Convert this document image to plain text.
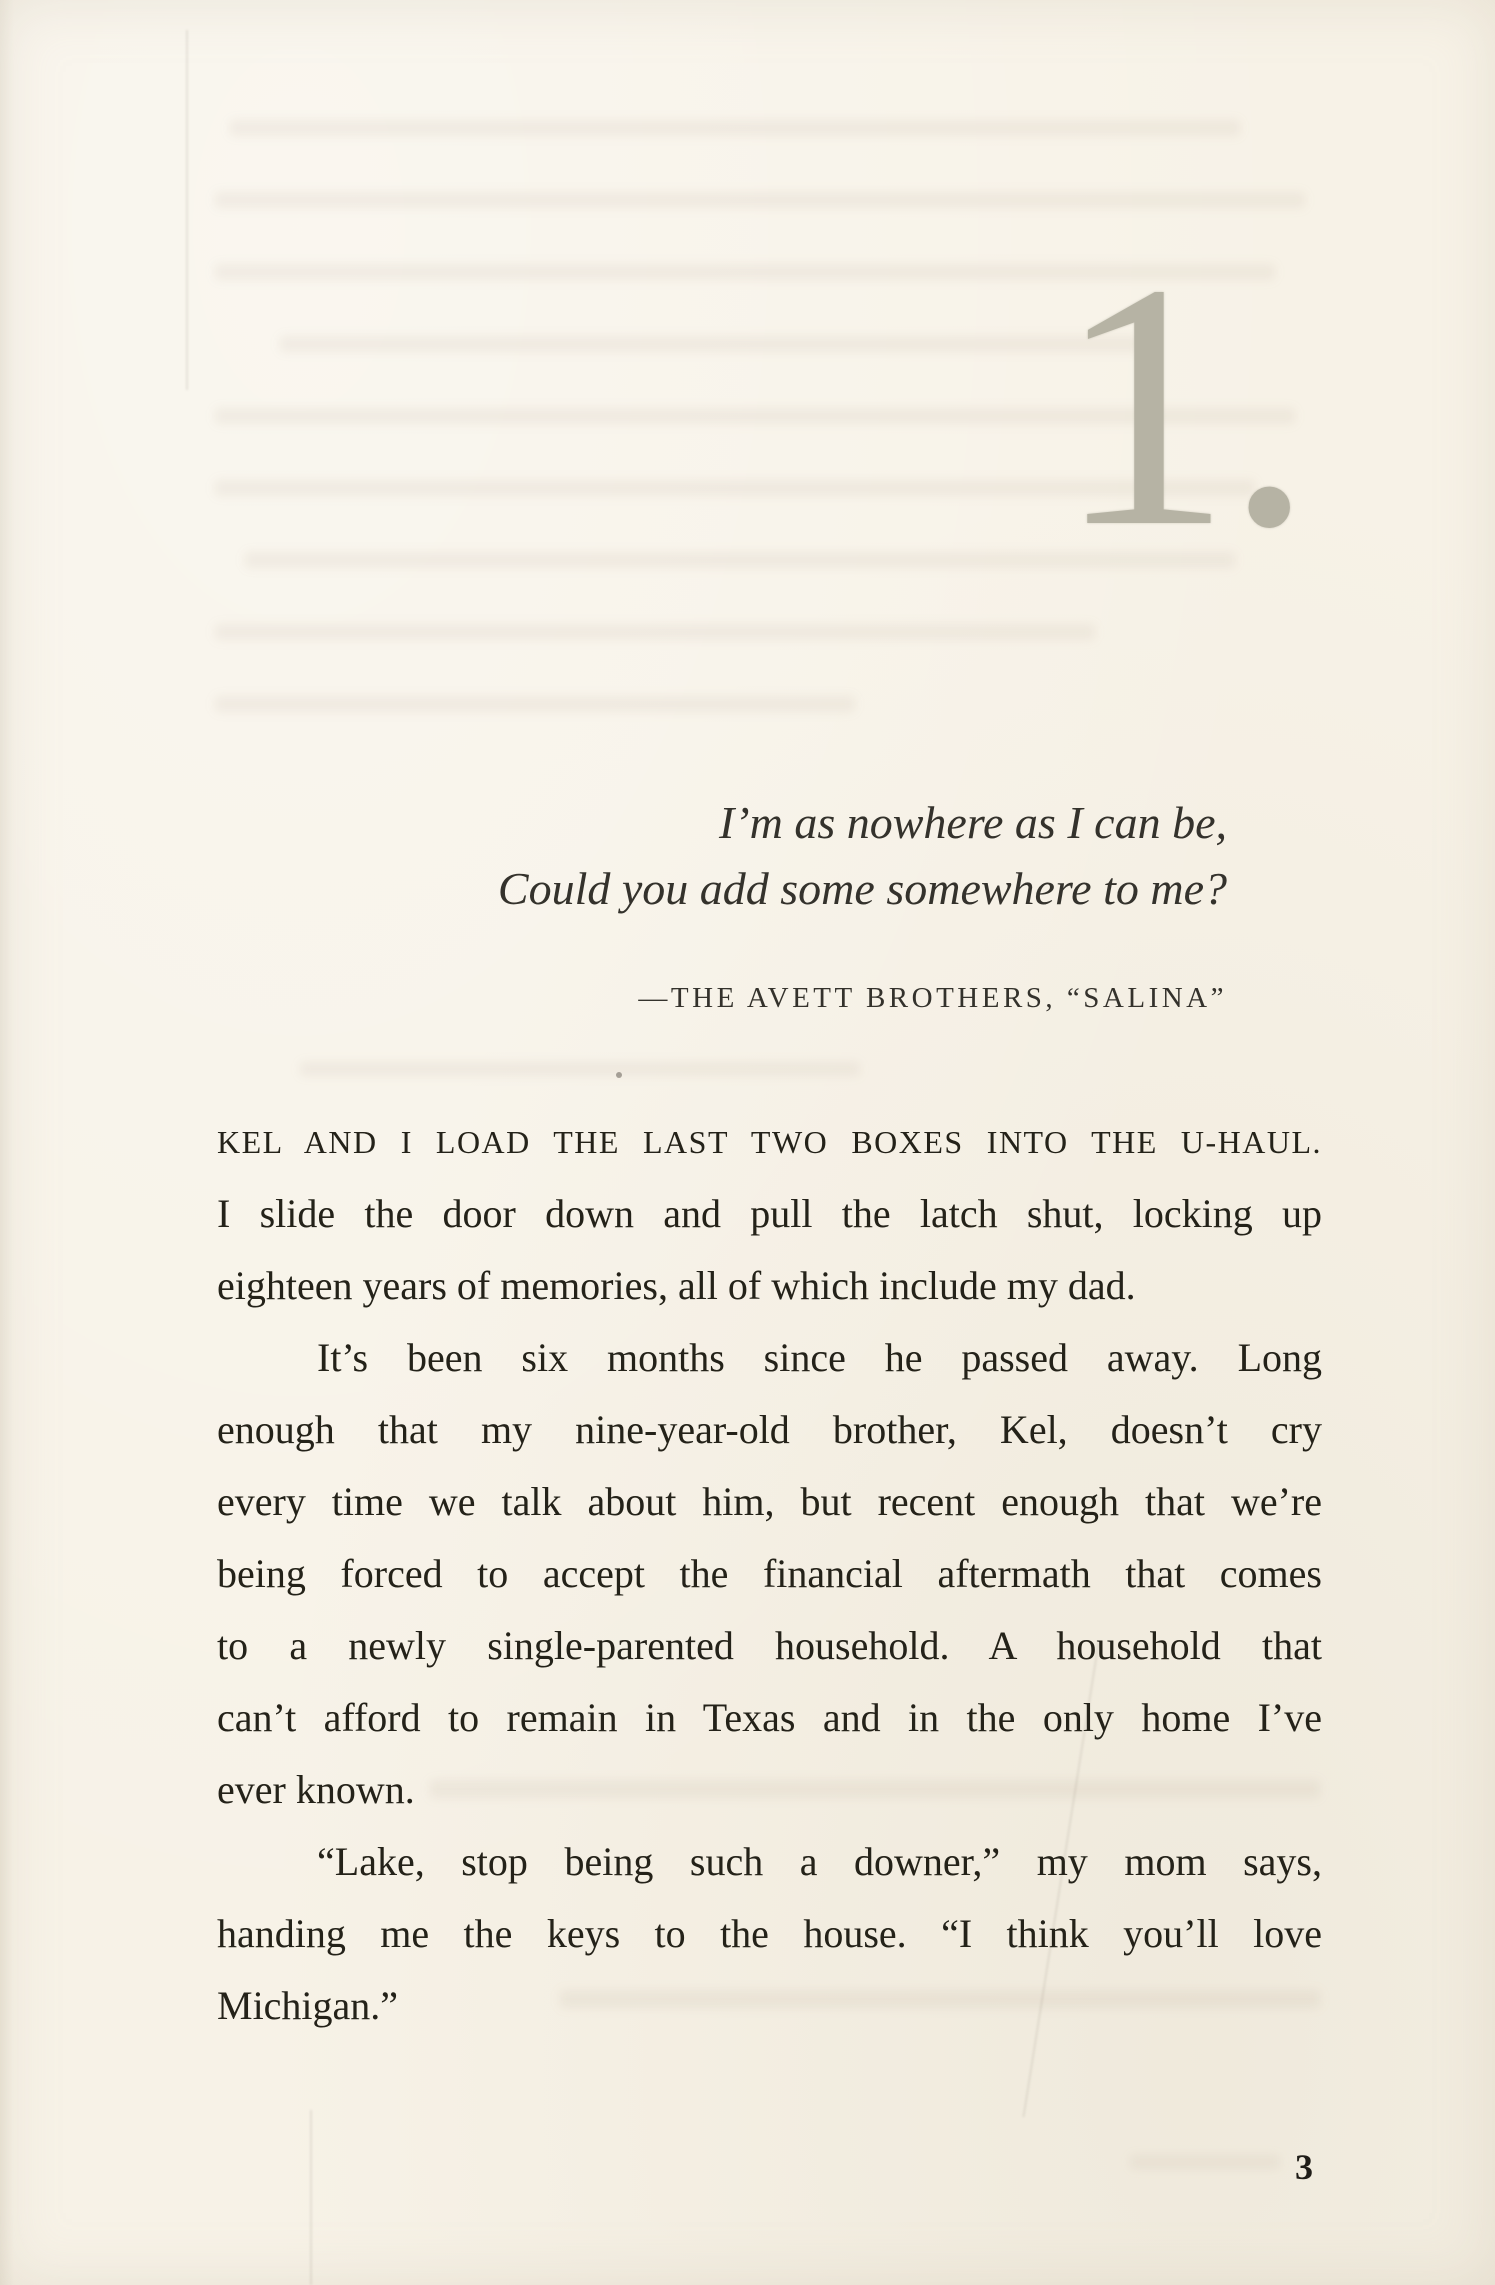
1.
I’m as nowhere as I can be,
Could you add some somewhere to me?
—THE AVETT BROTHERS, “SALINA”
KEL AND I LOAD THE LAST TWO BOXES INTO THE U-HAUL.
I slide the door down and pull the latch shut, locking up
eighteen years of memories, all of which include my dad.
It’s been six months since he passed away. Long
enough that my nine-year-old brother, Kel, doesn’t cry
every time we talk about him, but recent enough that we’re
being forced to accept the financial aftermath that comes
to a newly single-parented household. A household that
can’t afford to remain in Texas and in the only home I’ve
ever known.
“Lake, stop being such a downer,” my mom says,
handing me the keys to the house. “I think you’ll love
Michigan.”
3
